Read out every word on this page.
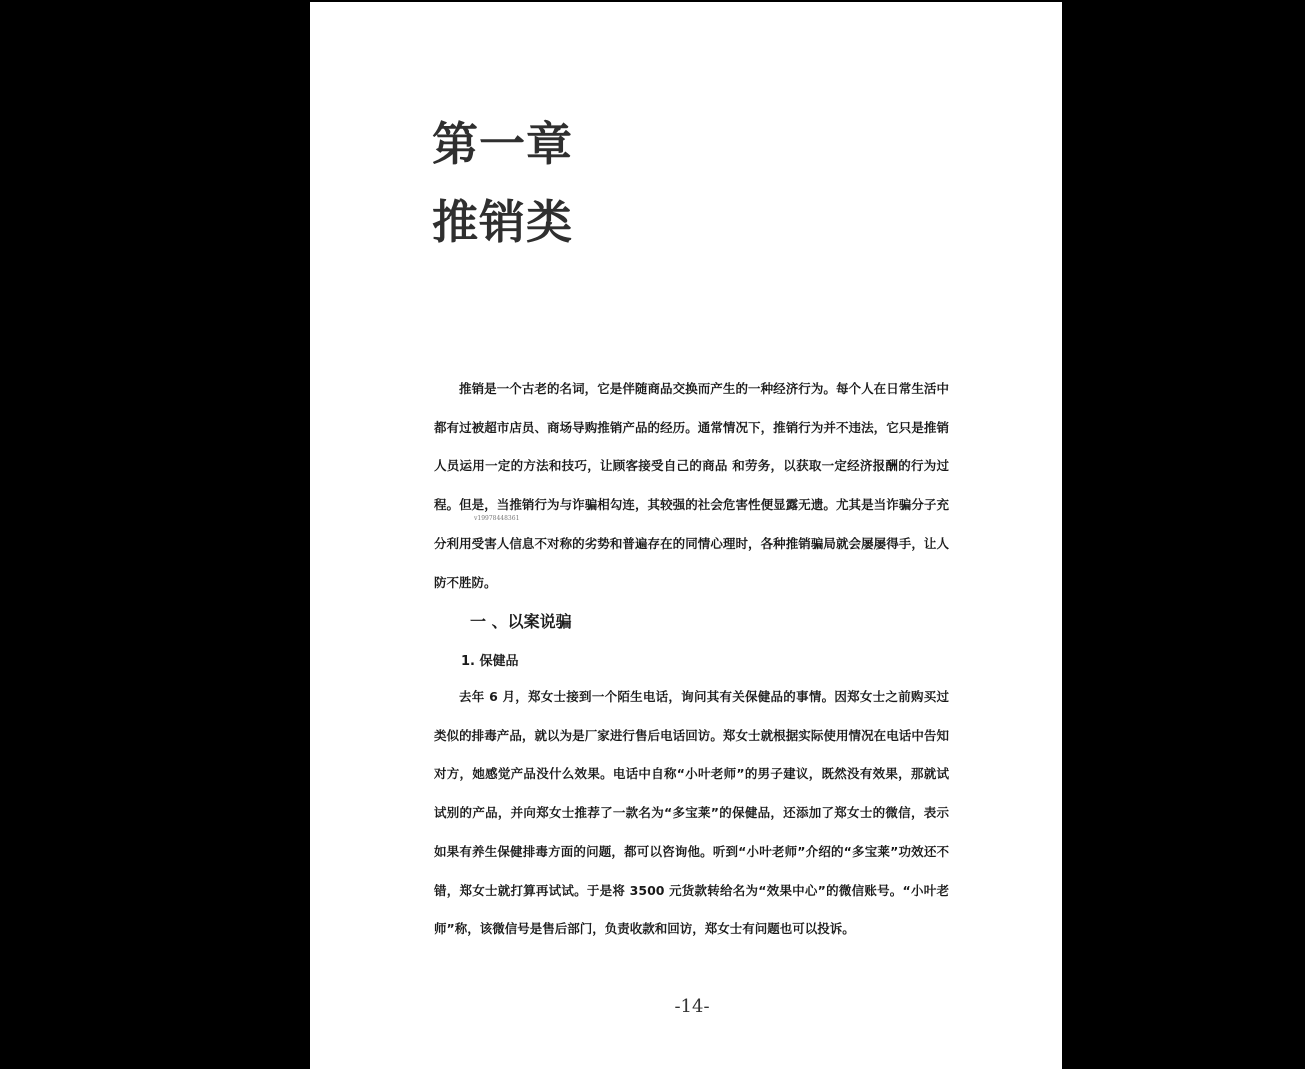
第一章
推销类

推销是一个古老的名词，它是伴随商品交换而产生的一种经济行为。每个人在日常生活中都有过被超市店员、商场导购推销产品的经历。通常情况下，推销行为并不违法，它只是推销人员运用一定的方法和技巧，让顾客接受自己的商品 和劳务，以获取一定经济报酬的行为过程。但是，当推销行为与诈骗相勾连，其较强的社会危害性便显露无遗。尤其是当诈骗分子充分利用受害人信息不对称的劣势和普遍存在的同情心理时，各种推销骗局就会屡屡得手，让人防不胜防。

v19978448361
一 、以案说骗
1. 保健品

去年 6 月，郑女士接到一个陌生电话，询问其有关保健品的事情。因郑女士之前购买过类似的排毒产品，就以为是厂家进行售后电话回访。郑女士就根据实际使用情况在电话中告知对方，她感觉产品没什么效果。电话中自称“小叶老师”的男子建议，既然没有效果，那就试试别的产品，并向郑女士推荐了一款名为“多宝莱”的保健品，还添加了郑女士的微信，表示如果有养生保健排毒方面的问题，都可以咨询他。听到“小叶老师”介绍的“多宝莱”功效还不错，郑女士就打算再试试。于是将 3500 元货款转给名为“效果中心”的微信账号。“小叶老师”称，该微信号是售后部门，负责收款和回访，郑女士有问题也可以投诉。

-14-
